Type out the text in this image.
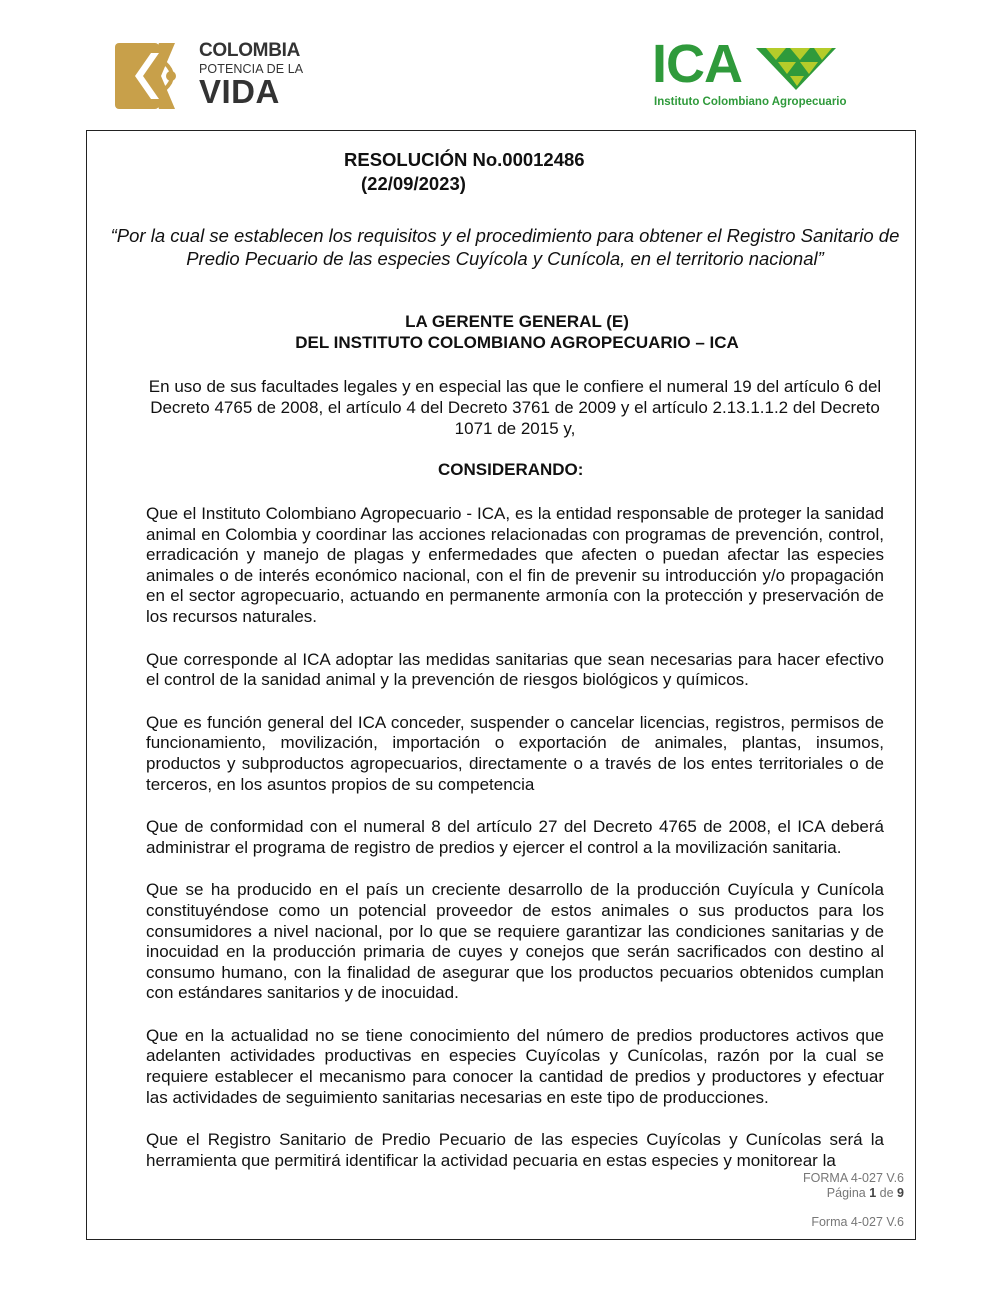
COLOMBIA
POTENCIA DE LA
VIDA	ICA
Instituto Colombiano Agropecuario
RESOLUCIÓN No.00012486
(22/09/2023)
“Por la cual se establecen los requisitos y el procedimiento para obtener el Registro Sanitario de Predio Pecuario de las especies Cuyícola y Cunícola, en el territorio nacional”
LA GERENTE GENERAL (E)
DEL INSTITUTO COLOMBIANO AGROPECUARIO – ICA
En uso de sus facultades legales y en especial las que le confiere el numeral 19 del artículo 6 del Decreto 4765 de 2008, el artículo 4 del Decreto 3761 de 2009 y el artículo 2.13.1.1.2 del Decreto 1071 de 2015 y,
CONSIDERANDO:

Que el Instituto Colombiano Agropecuario - ICA, es la entidad responsable de proteger la sanidad animal en Colombia y coordinar las acciones relacionadas con programas de prevención, control, erradicación y manejo de plagas y enfermedades que afecten o puedan afectar las especies animales o de interés económico nacional, con el fin de prevenir su introducción y/o propagación en el sector agropecuario, actuando en permanente armonía con la protección y preservación de los recursos naturales.

Que corresponde al ICA adoptar las medidas sanitarias que sean necesarias para hacer efectivo el control de la sanidad animal y la prevención de riesgos biológicos y químicos.

Que es función general del ICA conceder, suspender o cancelar licencias, registros, permisos de funcionamiento, movilización, importación o exportación de animales, plantas, insumos, productos y subproductos agropecuarios, directamente o a través de los entes territoriales o de terceros, en los asuntos propios de su competencia

Que de conformidad con el numeral 8 del artículo 27 del Decreto 4765 de 2008, el ICA deberá administrar el programa de registro de predios y ejercer el control a la movilización sanitaria.

Que se ha producido en el país un creciente desarrollo de la producción Cuyícula y Cunícola constituyéndose como un potencial proveedor de estos animales o sus productos para los consumidores a nivel nacional, por lo que se requiere garantizar las condiciones sanitarias y de inocuidad en la producción primaria de cuyes y conejos que serán sacrificados con destino al consumo humano, con la finalidad de asegurar que los productos pecuarios obtenidos cumplan con estándares sanitarios y de inocuidad.

Que en la actualidad no se tiene conocimiento del número de predios productores activos que adelanten actividades productivas en especies Cuyícolas y Cunícolas, razón por la cual se requiere establecer el mecanismo para conocer la cantidad de predios y productores y efectuar las actividades de seguimiento sanitarias necesarias en este tipo de producciones.

Que el Registro Sanitario de Predio Pecuario de las especies Cuyícolas y Cunícolas será la herramienta que permitirá identificar la actividad pecuaria en estas especies y monitorear la

FORMA 4-027 V.6
Página 1 de 9
Forma 4-027 V.6
